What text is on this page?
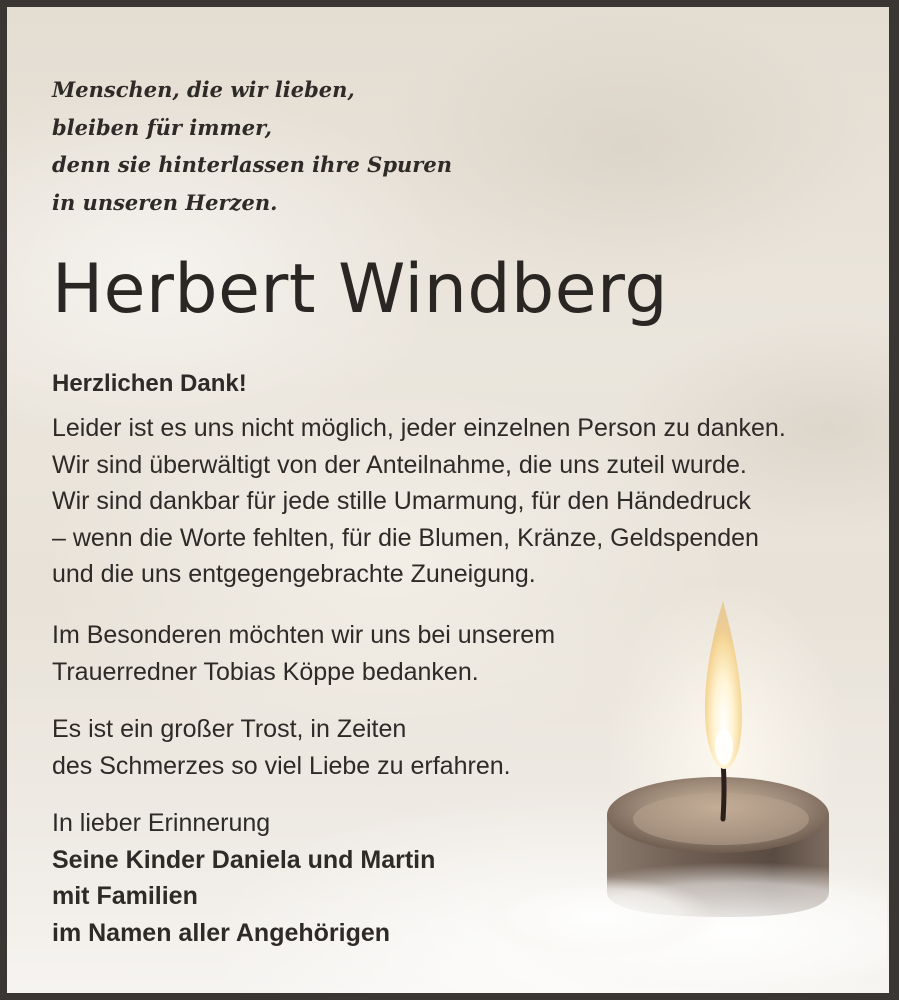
Menschen, die wir lieben,
bleiben für immer,
denn sie hinterlassen ihre Spuren
in unseren Herzen.
Herbert Windberg
Herzlichen Dank!
Leider ist es uns nicht möglich, jeder einzelnen Person zu danken.
Wir sind überwältigt von der Anteilnahme, die uns zuteil wurde.
Wir sind dankbar für jede stille Umarmung, für den Händedruck
– wenn die Worte fehlten, für die Blumen, Kränze, Geldspenden
und die uns entgegengebrachte Zuneigung.
Im Besonderen möchten wir uns bei unserem
Trauerredner Tobias Köppe bedanken.
Es ist ein großer Trost, in Zeiten
des Schmerzes so viel Liebe zu erfahren.
In lieber Erinnerung
Seine Kinder Daniela und Martin
mit Familien
im Namen aller Angehörigen
